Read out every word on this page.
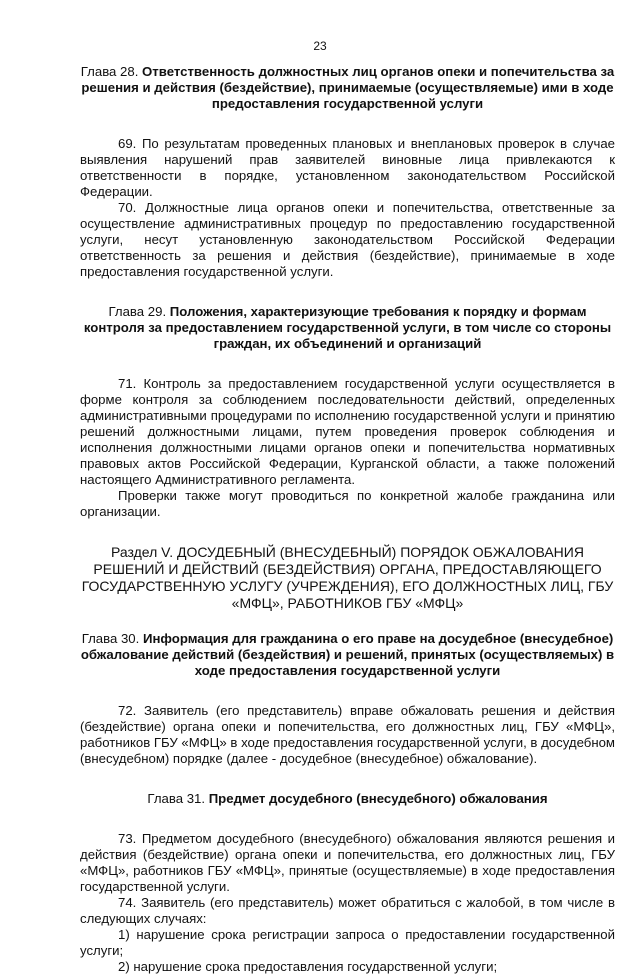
23
Глава 28. Ответственность должностных лиц органов опеки и попечительства за решения и действия (бездействие), принимаемые (осуществляемые) ими в ходе предоставления государственной услуги

69. По результатам проведенных плановых и внеплановых проверок в случае выявления нарушений прав заявителей виновные лица привлекаются к ответственности в порядке, установленном законодательством Российской Федерации.

70. Должностные лица органов опеки и попечительства, ответственные за осуществление административных процедур по предоставлению государственной услуги, несут установленную законодательством Российской Федерации ответственность за решения и действия (бездействие), принимаемые в ходе предоставления государственной услуги.

Глава 29. Положения, характеризующие требования к порядку и формам контроля за предоставлением государственной услуги, в том числе со стороны граждан, их объединений и организаций

71. Контроль за предоставлением государственной услуги осуществляется в форме контроля за соблюдением последовательности действий, определенных административными процедурами по исполнению государственной услуги и принятию решений должностными лицами, путем проведения проверок соблюдения и исполнения должностными лицами органов опеки и попечительства нормативных правовых актов Российской Федерации, Курганской области, а также положений настоящего Административного регламента.

Проверки также могут проводиться по конкретной жалобе гражданина или организации.

Раздел V. ДОСУДЕБНЫЙ (ВНЕСУДЕБНЫЙ) ПОРЯДОК ОБЖАЛОВАНИЯ РЕШЕНИЙ И ДЕЙСТВИЙ (БЕЗДЕЙСТВИЯ) ОРГАНА, ПРЕДОСТАВЛЯЮЩЕГО ГОСУДАРСТВЕННУЮ УСЛУГУ (УЧРЕЖДЕНИЯ), ЕГО ДОЛЖНОСТНЫХ ЛИЦ, ГБУ «МФЦ», РАБОТНИКОВ ГБУ «МФЦ»
Глава 30. Информация для гражданина о его праве на досудебное (внесудебное) обжалование действий (бездействия) и решений, принятых (осуществляемых) в ходе предоставления государственной услуги

72. Заявитель (его представитель) вправе обжаловать решения и действия (бездействие) органа опеки и попечительства, его должностных лиц, ГБУ «МФЦ», работников ГБУ «МФЦ» в ходе предоставления государственной услуги, в досудебном (внесудебном) порядке (далее - досудебное (внесудебное) обжалование).

Глава 31. Предмет досудебного (внесудебного) обжалования

73. Предметом досудебного (внесудебного) обжалования являются решения и действия (бездействие) органа опеки и попечительства, его должностных лиц, ГБУ «МФЦ», работников ГБУ «МФЦ», принятые (осуществляемые) в ходе предоставления государственной услуги.

74. Заявитель (его представитель) может обратиться с жалобой, в том числе в следующих случаях:

1) нарушение срока регистрации запроса о предоставлении государственной услуги;

2) нарушение срока предоставления государственной услуги;
